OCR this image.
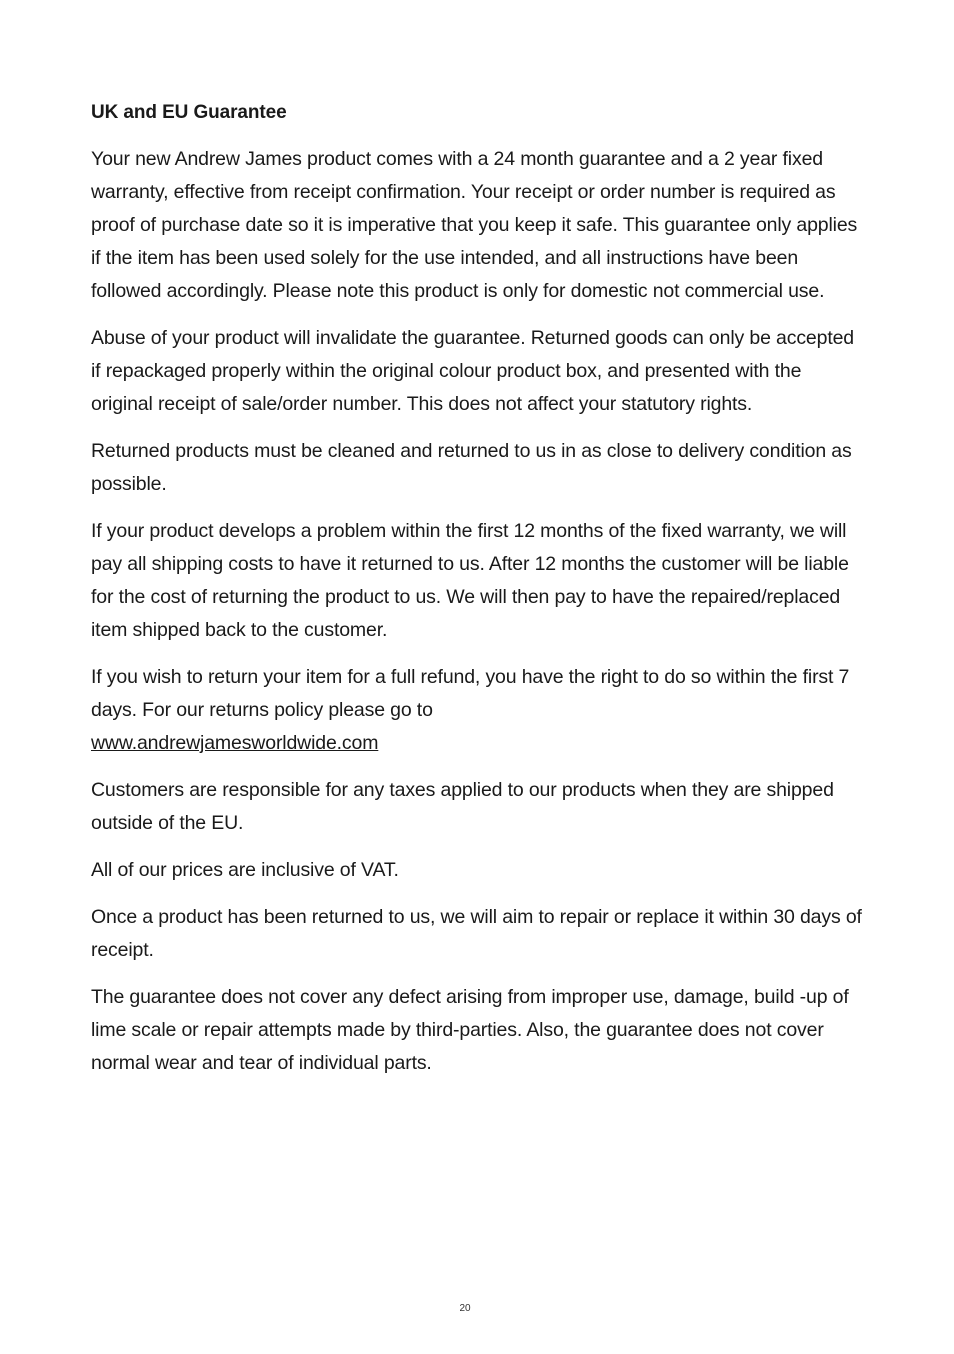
UK and EU Guarantee

Your new Andrew James product comes with a 24 month guarantee and a 2 year fixed warranty, effective from receipt confirmation. Your receipt or order number is required as proof of purchase date so it is imperative that you keep it safe. This guarantee only applies if the item has been used solely for the use intended, and all instructions have been followed accordingly. Please note this product is only for domestic not commercial use.

Abuse of your product will invalidate the guarantee. Returned goods can only be accepted if repackaged properly within the original colour product box, and presented with the original receipt of sale/order number. This does not affect your statutory rights.

Returned products must be cleaned and returned to us in as close to delivery condition as possible.

If your product develops a problem within the first 12 months of the fixed warranty, we will pay all shipping costs to have it returned to us. After 12 months the customer will be liable for the cost of returning the product to us. We will then pay to have the repaired/replaced item shipped back to the customer.

If you wish to return your item for a full refund, you have the right to do so within the first 7 days. For our returns policy please go to
www.andrewjamesworldwide.com

Customers are responsible for any taxes applied to our products when they are shipped outside of the EU.

All of our prices are inclusive of VAT.

Once a product has been returned to us, we will aim to repair or replace it within 30 days of receipt.

The guarantee does not cover any defect arising from improper use, damage, build -up of lime scale or repair attempts made by third-parties. Also, the guarantee does not cover normal wear and tear of individual parts.

20
